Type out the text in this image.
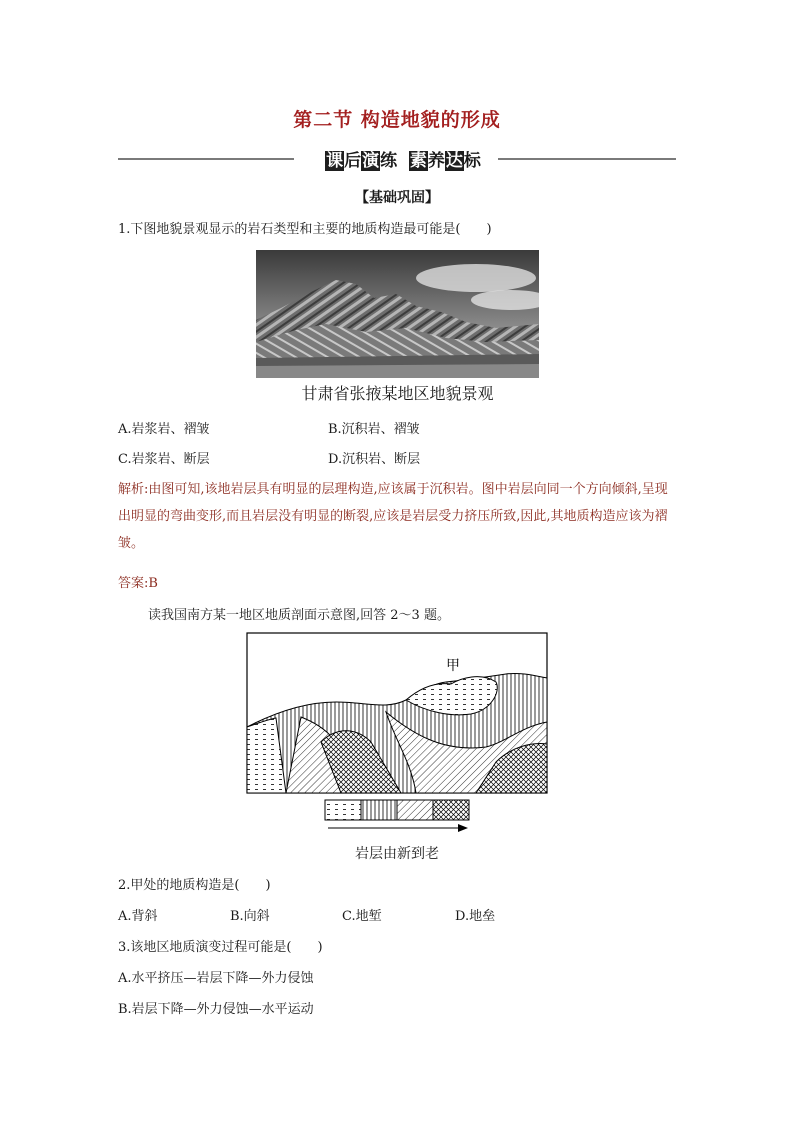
第二节 构造地貌的形成
课后演练 素养达标
【基础巩固】
1.下图地貌景观显示的岩石类型和主要的地质构造最可能是(　　)
甘肃省张掖某地区地貌景观
A.岩浆岩、褶皱	B.沉积岩、褶皱
C.岩浆岩、断层	D.沉积岩、断层
解析:由图可知,该地岩层具有明显的层理构造,应该属于沉积岩。图中岩层向同一个方向倾斜,呈现出明显的弯曲变形,而且岩层没有明显的断裂,应该是岩层受力挤压所致,因此,其地质构造应该为褶皱。
答案:B
读我国南方某一地区地质剖面示意图,回答 2～3 题。
甲
岩层由新到老
2.甲处的地质构造是(　　)
A.背斜	B.向斜	C.地堑	D.地垒
3.该地区地质演变过程可能是(　　)
A.水平挤压—岩层下降—外力侵蚀
B.岩层下降—外力侵蚀—水平运动
